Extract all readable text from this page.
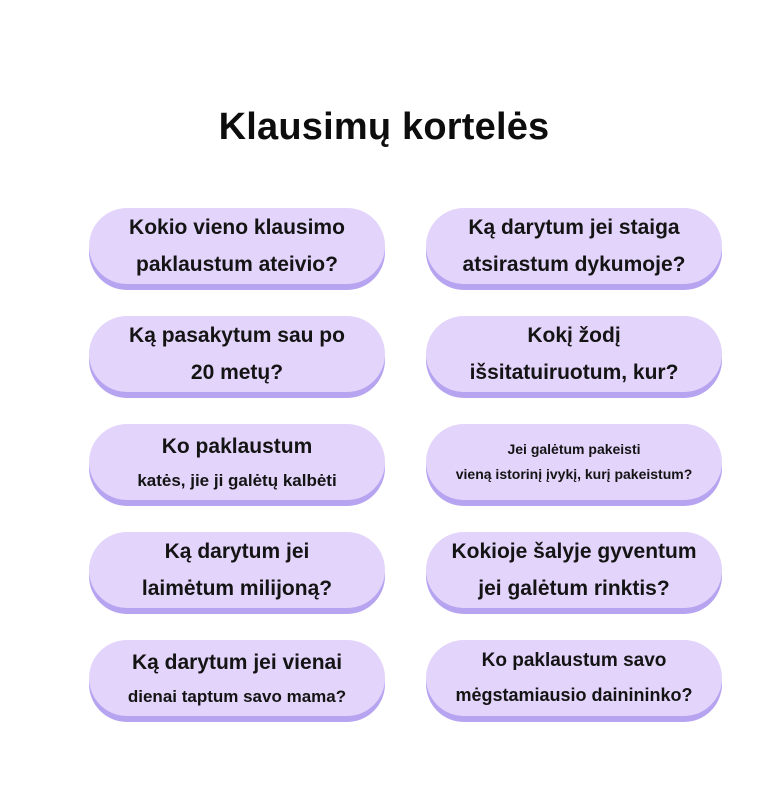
Klausimų kortelės
Kokio vieno klausimo
paklaustum ateivio?
Ką darytum jei staiga
atsirastum dykumoje?
Ką pasakytum sau po
20 metų?
Kokį žodį
išsitatuiruotum, kur?
Ko paklaustum
katės, jie ji galėtų kalbėti
Jei galėtum pakeisti
vieną istorinį įvykį, kurį pakeistum?
Ką darytum jei
laimėtum milijoną?
Kokioje šalyje gyventum
jei galėtum rinktis?
Ką darytum jei vienai
dienai taptum savo mama?
Ko paklaustum savo
mėgstamiausio dainininko?
